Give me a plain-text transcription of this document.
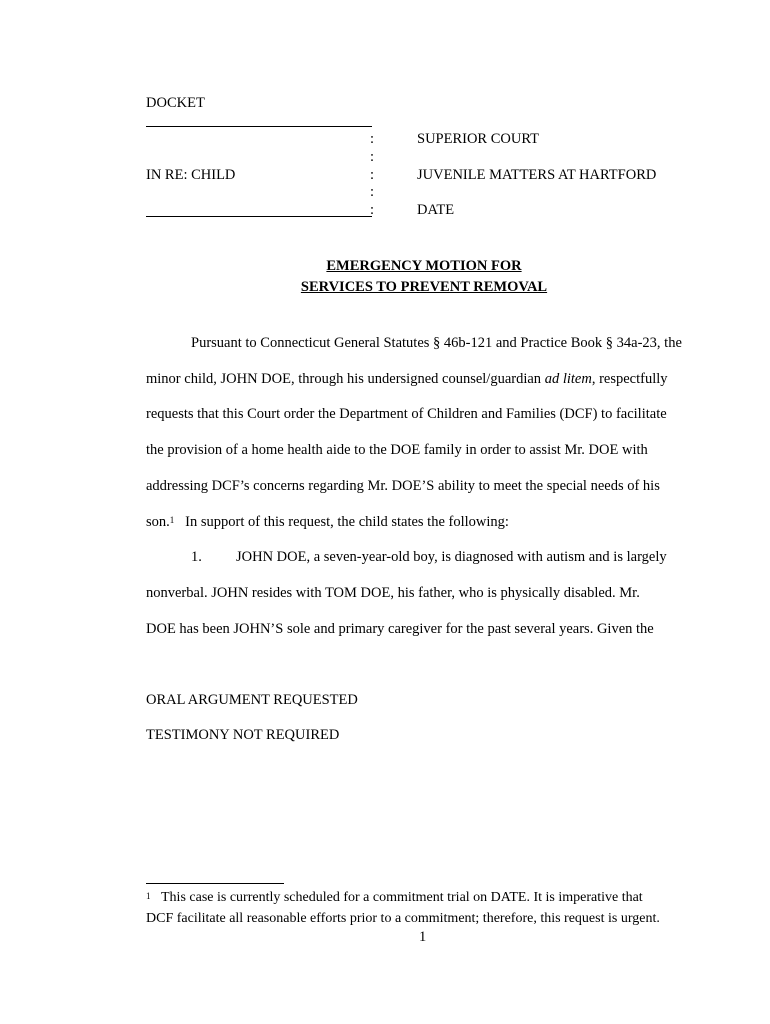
DOCKET
:
:
:
:
:
SUPERIOR COURT
IN RE: CHILD	JUVENILE MATTERS AT HARTFORD
DATE
EMERGENCY MOTION FOR
SERVICES TO PREVENT REMOVAL
Pursuant to Connecticut General Statutes § 46b-121 and Practice Book § 34a-23, the
minor child, JOHN DOE, through his undersigned counsel/guardian ad litem, respectfully
requests that this Court order the Department of Children and Families (DCF) to facilitate
the provision of a home health aide to the DOE family in order to assist Mr. DOE with
addressing DCF’s concerns regarding Mr. DOE’S ability to meet the special needs of his
son.$^1$ In support of this request, the child states the following:
1. JOHN DOE, a seven-year-old boy, is diagnosed with autism and is largely
nonverbal. JOHN resides with TOM DOE, his father, who is physically disabled. Mr.
DOE has been JOHN’S sole and primary caregiver for the past several years. Given the
ORAL ARGUMENT REQUESTED
TESTIMONY NOT REQUIRED
$^1$ This case is currently scheduled for a commitment trial on DATE. It is imperative that
DCF facilitate all reasonable efforts prior to a commitment; therefore, this request is urgent.
1
